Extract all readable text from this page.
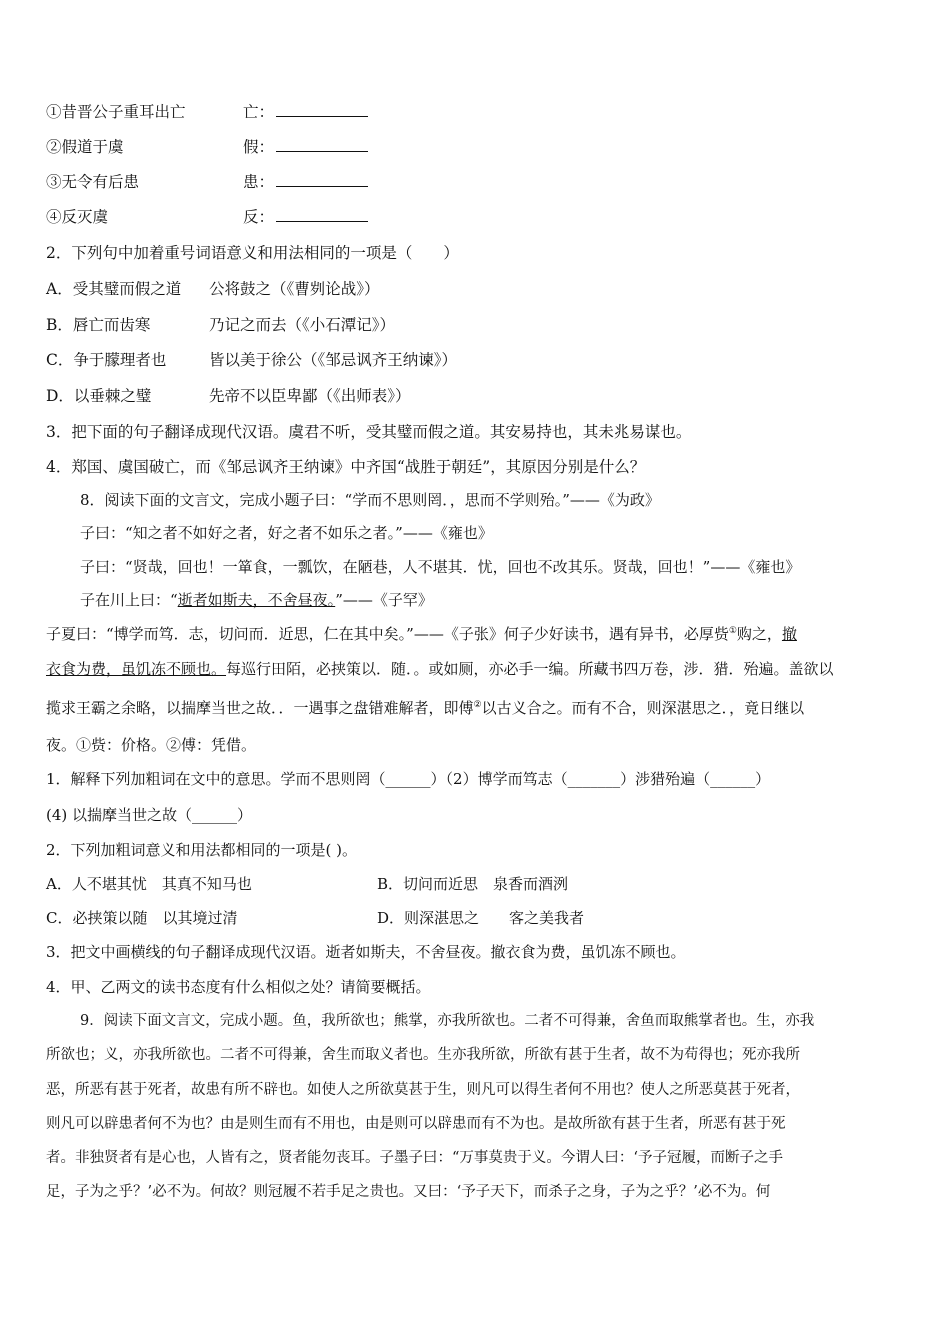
①昔晋公子重耳出亡	亡：
②假道于虞	假：
③无令有后患	患：
④反灭虞	反：
2．下列句中加着重号词语意义和用法相同的一项是（　　）
A．受其璧而假之道 公将鼓之（《曹刿论战》）
B．唇亡而齿寒	乃记之而去（《小石潭记》）
C．争于朦理者也	皆以美于徐公（《邹忌讽齐王纳谏》）
D．以垂棘之璧	先帝不以臣卑鄙（《出师表》）
3．把下面的句子翻译成现代汉语。虞君不听，受其璧而假之道。其安易持也，其未兆易谋也。
4．郑国、虞国破亡，而《邹忌讽齐王纳谏》中齐国“战胜于朝廷”，其原因分别是什么？
8．阅读下面的文言文，完成小题子曰：“学而不思则罔．，思而不学则殆。”——《为政》
子曰：“知之者不如好之者，好之者不如乐之者。”——《雍也》
子曰：“贤哉，回也！一箪食，一瓢饮，在陋巷，人不堪其．忧，回也不改其乐。贤哉，回也！”——《雍也》
子在川上曰：“逝者如斯夫，不舍昼夜。”——《子罕》
子夏曰：“博学而笃．志，切问而．近思，仁在其中矣。”——《子张》何子少好读书，遇有异书，必厚赀①购之，撤
衣食为费，虽饥冻不顾也。每巡行田陌，必挟策以．随．。或如厕，亦必手一编。所藏书四万卷，涉．猎．殆遍。盖欲以
揽求王霸之余略，以揣摩当世之故．．一遇事之盘错难解者，即傅②以古义合之。而有不合，则深湛思之．，竟日继以
夜。①赀：价格。②傅：凭借。
1．解释下列加粗词在文中的意思。学而不思则罔（______）（2）博学而笃志（_______）涉猎殆遍（______）
(4) 以揣摩当世之故（______）
2．下列加粗词意义和用法都相同的一项是( )。
A．人不堪其忧　其真不知马也	B．切问而近思　泉香而酒洌
C．必挟策以随　以其境过清	D．则深湛思之　　客之美我者
3．把文中画横线的句子翻译成现代汉语。逝者如斯夫，不舍昼夜。撤衣食为费，虽饥冻不顾也。
4．甲、乙两文的读书态度有什么相似之处？请简要概括。
9．阅读下面文言文，完成小题。鱼，我所欲也；熊掌，亦我所欲也。二者不可得兼，舍鱼而取熊掌者也。生，亦我
所欲也；义，亦我所欲也。二者不可得兼，舍生而取义者也。生亦我所欲，所欲有甚于生者，故不为苟得也；死亦我所
恶，所恶有甚于死者，故患有所不辟也。如使人之所欲莫甚于生，则凡可以得生者何不用也？使人之所恶莫甚于死者，
则凡可以辟患者何不为也？由是则生而有不用也，由是则可以辟患而有不为也。是故所欲有甚于生者，所恶有甚于死
者。非独贤者有是心也，人皆有之，贤者能勿丧耳。子墨子曰：“万事莫贵于义。今谓人曰：‘予子冠履，而断子之手
足，子为之乎？’必不为。何故？则冠履不若手足之贵也。又曰：‘予子天下，而杀子之身，子为之乎？’必不为。何
